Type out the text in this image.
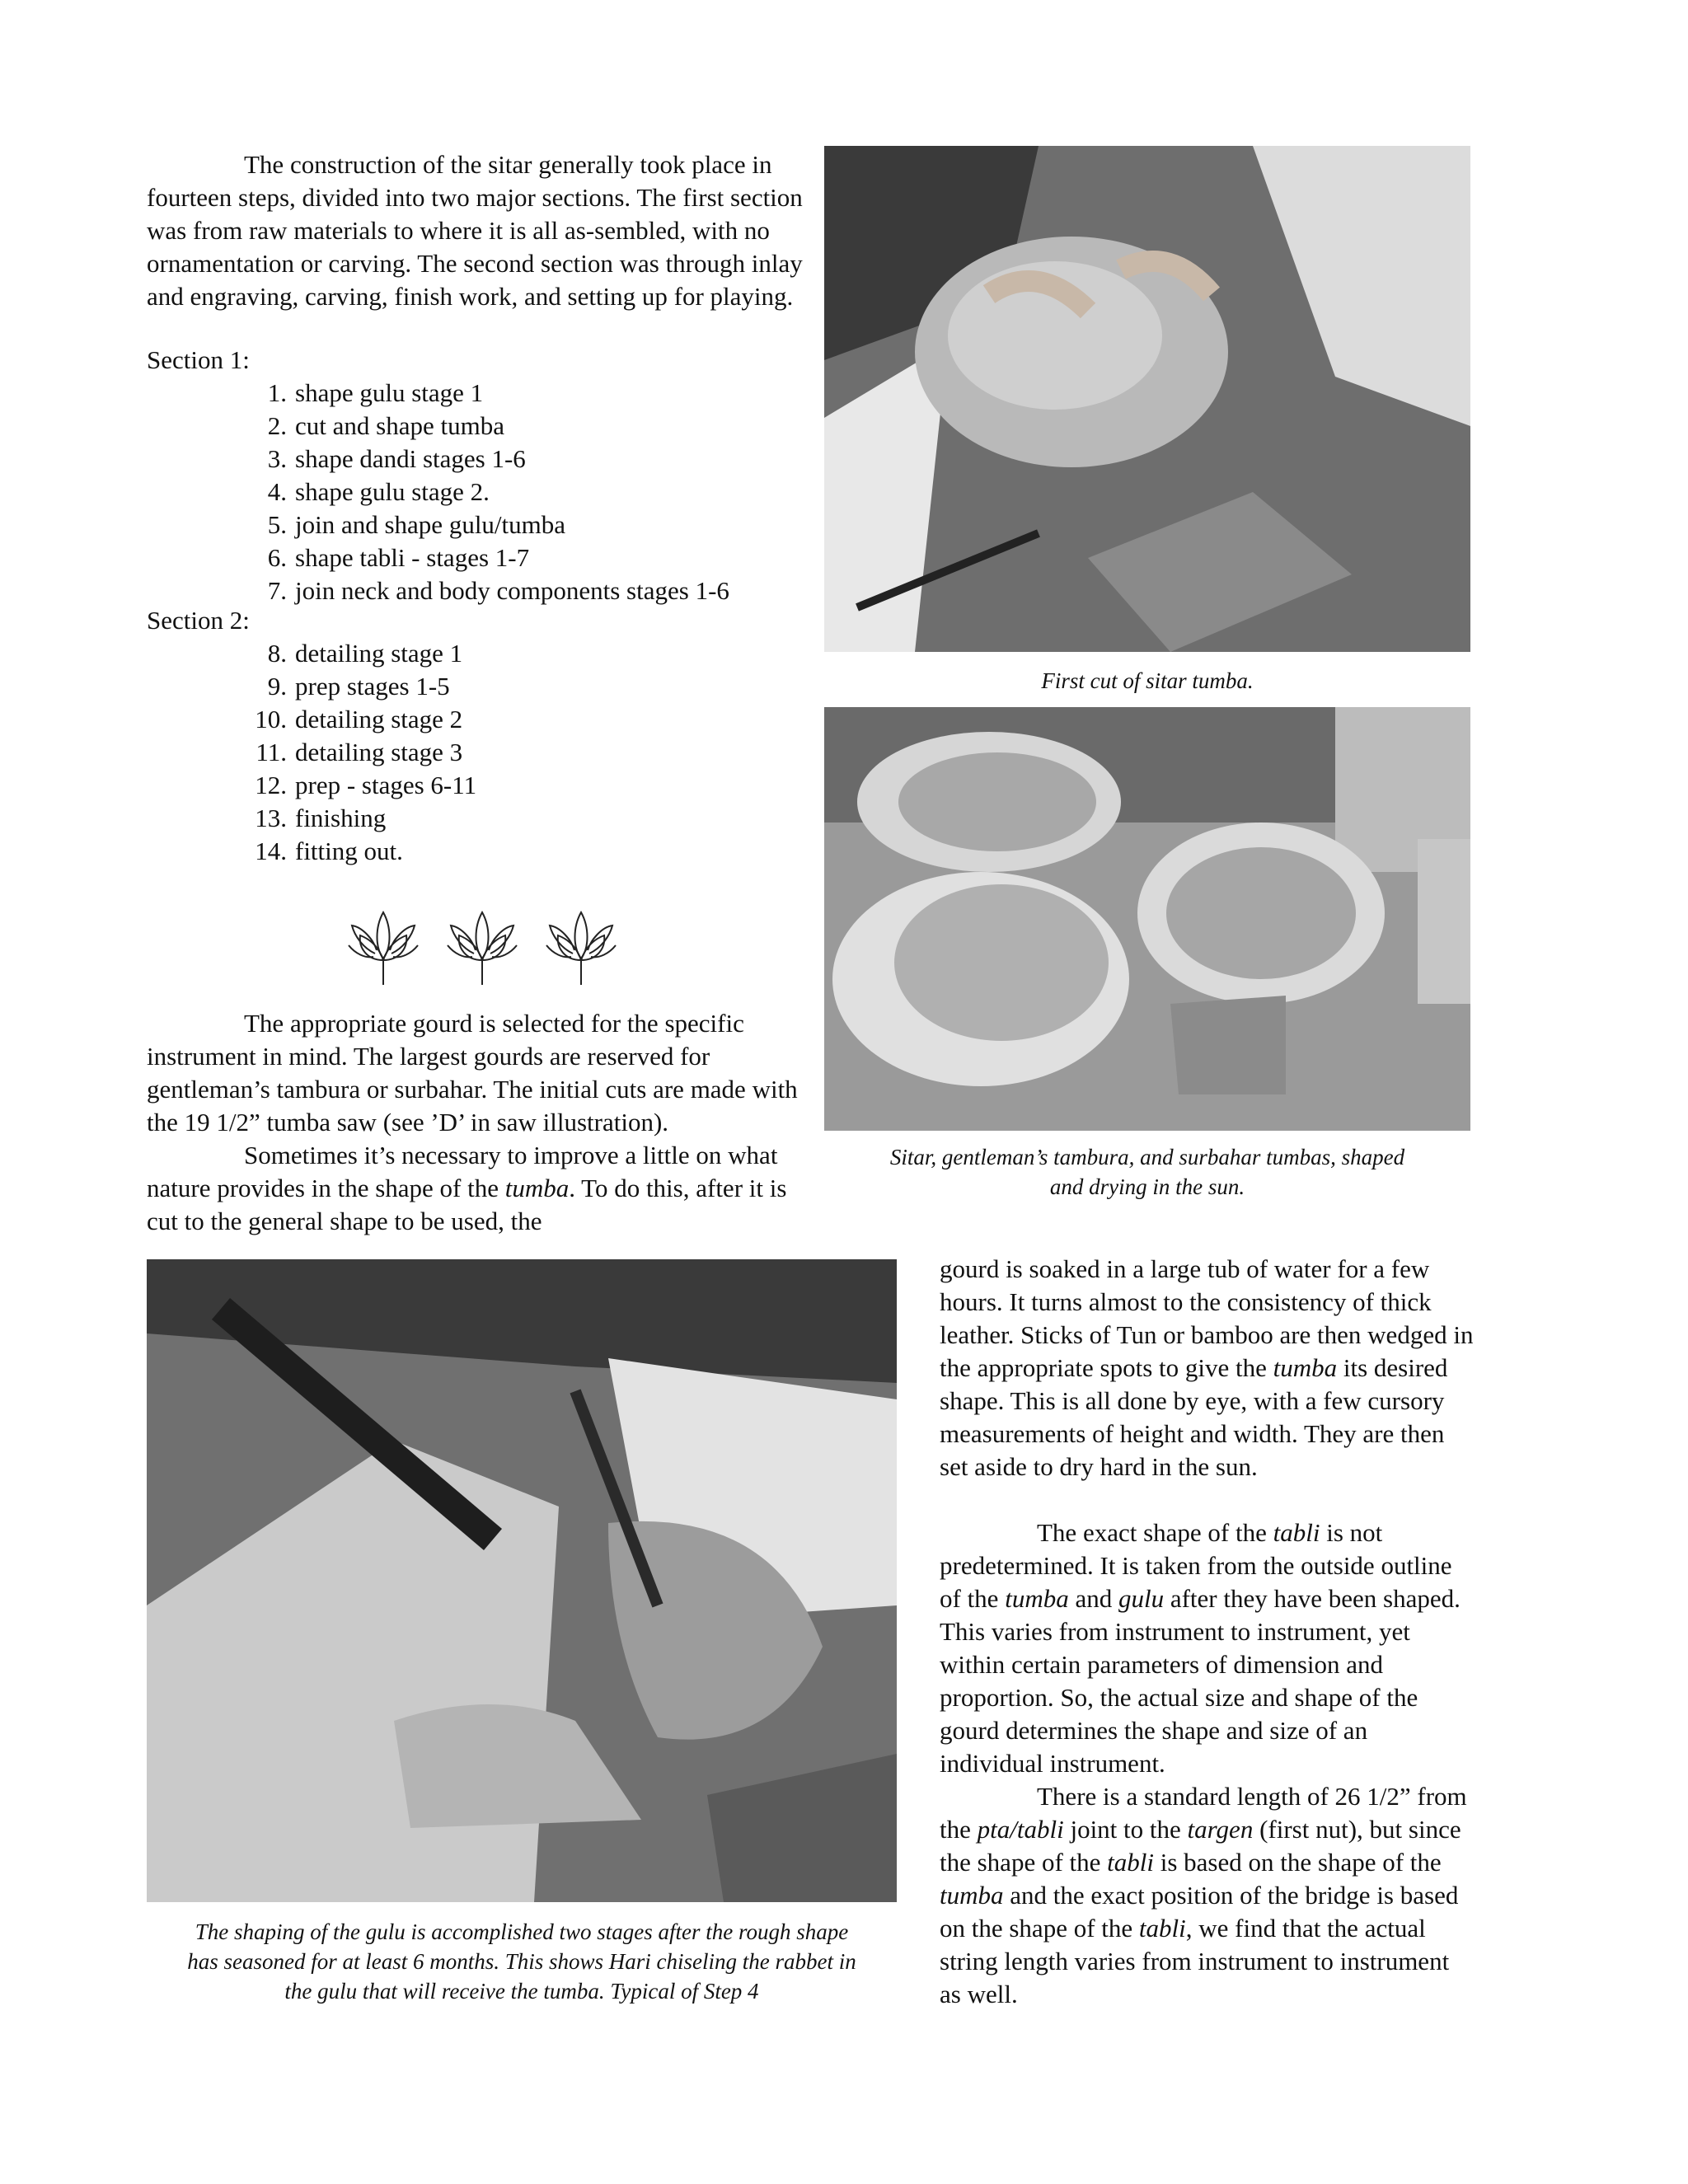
The construction of the sitar generally took place in fourteen steps, divided into two major sections. The first section was from raw materials to where it is all as-sembled, with no ornamentation or carving. The second section was through inlay and engraving, carving, finish work, and setting up for playing.

Section 1:
1. shape gulu stage 1
2. cut and shape tumba
3. shape dandi stages 1-6
4. shape gulu stage 2.
5. join and shape gulu/tumba
6. shape tabli - stages 1-7
7. join neck and body components stages 1-6
Section 2:
8. detailing stage 1
9. prep stages 1-5
10. detailing stage 2
11. detailing stage 3
12. prep - stages 6-11
13. finishing
14. fitting out.

The appropriate gourd is selected for the specific instrument in mind. The largest gourds are reserved for gentleman’s tambura or surbahar. The initial cuts are made with the 19 1/2” tumba saw (see ’D’ in saw illustration).

Sometimes it’s necessary to improve a little on what nature provides in the shape of the tumba. To do this, after it is cut to the general shape to be used, the

First cut of sitar tumba.
Sitar, gentleman’s tambura, and surbahar tumbas, shaped
and drying in the sun.
The shaping of the gulu is accomplished two stages after the rough shape
has seasoned for at least 6 months. This shows Hari chiseling the rabbet in
the gulu that will receive the tumba. Typical of Step 4

gourd is soaked in a large tub of water for a few hours. It turns almost to the consistency of thick leather. Sticks of Tun or bamboo are then wedged in the appropriate spots to give the tumba its desired shape. This is all done by eye, with a few cursory measurements of height and width. They are then set aside to dry hard in the sun.

The exact shape of the tabli is not predetermined. It is taken from the outside outline of the tumba and gulu after they have been shaped. This varies from instrument to instrument, yet within certain parameters of dimension and proportion. So, the actual size and shape of the gourd determines the shape and size of an individual instrument.

There is a standard length of 26 1/2” from the pta/tabli joint to the targen (first nut), but since the shape of the tabli is based on the shape of the tumba and the exact position of the bridge is based on the shape of the tabli, we find that the actual string length varies from instrument to instrument as well.
